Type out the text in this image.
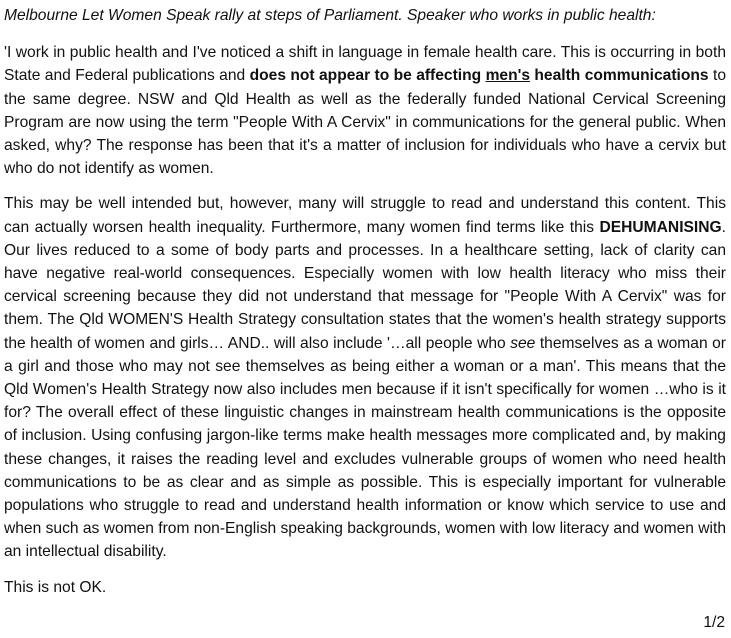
Melbourne Let Women Speak rally at steps of Parliament. Speaker who works in public health:
'I work in public health and I've noticed a shift in language in female health care. This is occurring in both State and Federal publications and does not appear to be affecting men's health communications to the same degree. NSW and Qld Health as well as the federally funded National Cervical Screening Program are now using the term "People With A Cervix" in communications for the general public. When asked, why? The response has been that it's a matter of inclusion for individuals who have a cervix but who do not identify as women.
This may be well intended but, however, many will struggle to read and understand this content. This can actually worsen health inequality. Furthermore, many women find terms like this DEHUMANISING. Our lives reduced to a some of body parts and processes. In a healthcare setting, lack of clarity can have negative real-world consequences. Especially women with low health literacy who miss their cervical screening because they did not understand that message for "People With A Cervix" was for them. The Qld WOMEN'S Health Strategy consultation states that the women's health strategy supports the health of women and girls… AND.. will also include '…all people who see themselves as a woman or a girl and those who may not see themselves as being either a woman or a man'. This means that the Qld Women's Health Strategy now also includes men because if it isn't specifically for women …who is it for? The overall effect of these linguistic changes in mainstream health communications is the opposite of inclusion. Using confusing jargon-like terms make health messages more complicated and, by making these changes, it raises the reading level and excludes vulnerable groups of women who need health communications to be as clear and as simple as possible. This is especially important for vulnerable populations who struggle to read and understand health information or know which service to use and when such as women from non-English speaking backgrounds, women with low literacy and women with an intellectual disability.
This is not OK.
1/2
